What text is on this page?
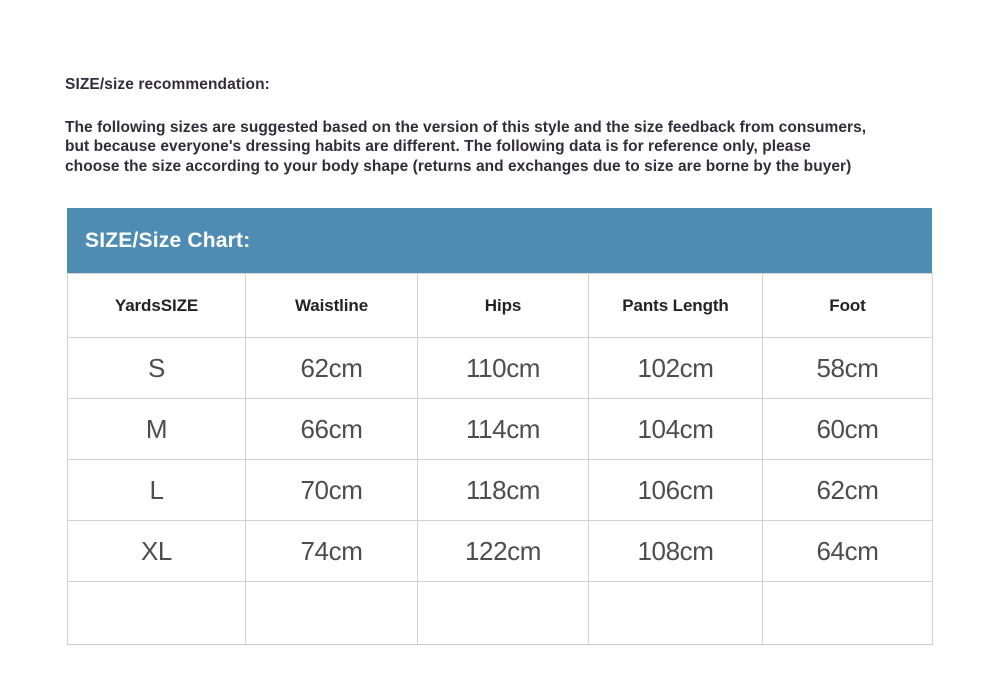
SIZE/size recommendation:
The following sizes are suggested based on the version of this style and the size feedback from consumers,
but because everyone's dressing habits are different. The following data is for reference only, please
choose the size according to your body shape (returns and exchanges due to size are borne by the buyer)
SIZE/Size Chart:
YardsSIZE	Waistline	Hips	Pants Length	Foot
S	62cm	110cm	102cm	58cm
M	66cm	114cm	104cm	60cm
L	70cm	118cm	106cm	62cm
XL	74cm	122cm	108cm	64cm
